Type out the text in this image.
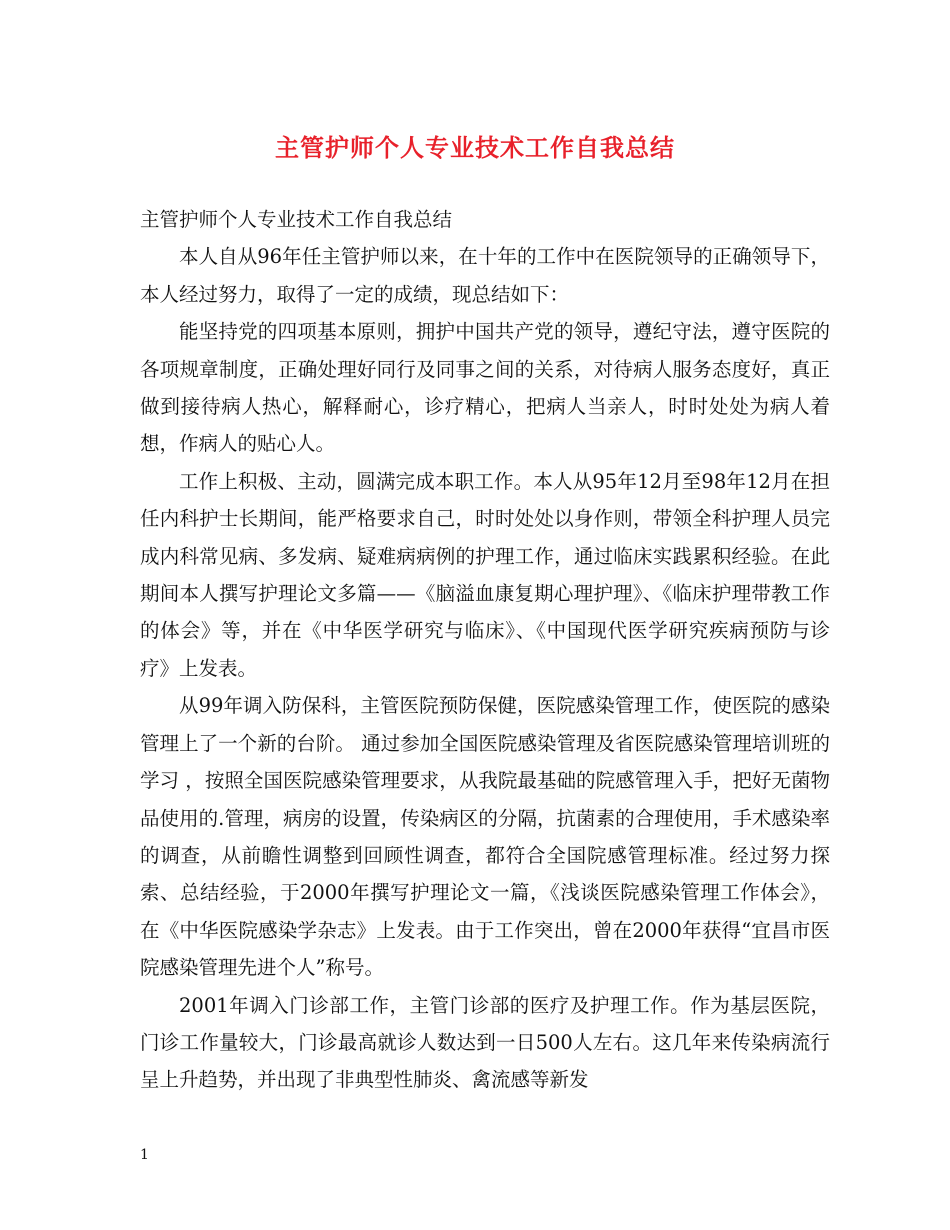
主管护师个人专业技术工作自我总结

主管护师个人专业技术工作自我总结

本人自从96年任主管护师以来，在十年的工作中在医院领导的正确领导下，本人经过努力，取得了一定的成绩，现总结如下：

能坚持党的四项基本原则，拥护中国共产党的领导，遵纪守法，遵守医院的各项规章制度，正确处理好同行及同事之间的关系，对待病人服务态度好，真正做到接待病人热心，解释耐心，诊疗精心，把病人当亲人，时时处处为病人着想，作病人的贴心人。

工作上积极、主动，圆满完成本职工作。本人从95年12月至98年12月在担任内科护士长期间，能严格要求自己，时时处处以身作则，带领全科护理人员完成内科常见病、多发病、疑难病病例的护理工作，通过临床实践累积经验。在此期间本人撰写护理论文多篇——《脑溢血康复期心理护理》、《临床护理带教工作的体会》等，并在《中华医学研究与临床》、《中国现代医学研究疾病预防与诊疗》上发表。

从99年调入防保科，主管医院预防保健，医院感染管理工作，使医院的感染管理上了一个新的台阶。 通过参加全国医院感染管理及省医院感染管理培训班的学习 ，按照全国医院感染管理要求，从我院最基础的院感管理入手，把好无菌物品使用的.管理，病房的设置，传染病区的分隔，抗菌素的合理使用，手术感染率的调查，从前瞻性调整到回顾性调查，都符合全国院感管理标准。经过努力探索、总结经验，于2000年撰写护理论文一篇，《浅谈医院感染管理工作体会》，在《中华医院感染学杂志》上发表。由于工作突出，曾在2000年获得“宜昌市医院感染管理先进个人”称号。

2001年调入门诊部工作，主管门诊部的医疗及护理工作。作为基层医院，门诊工作量较大，门诊最高就诊人数达到一日500人左右。这几年来传染病流行呈上升趋势，并出现了非典型性肺炎、禽流感等新发

1
